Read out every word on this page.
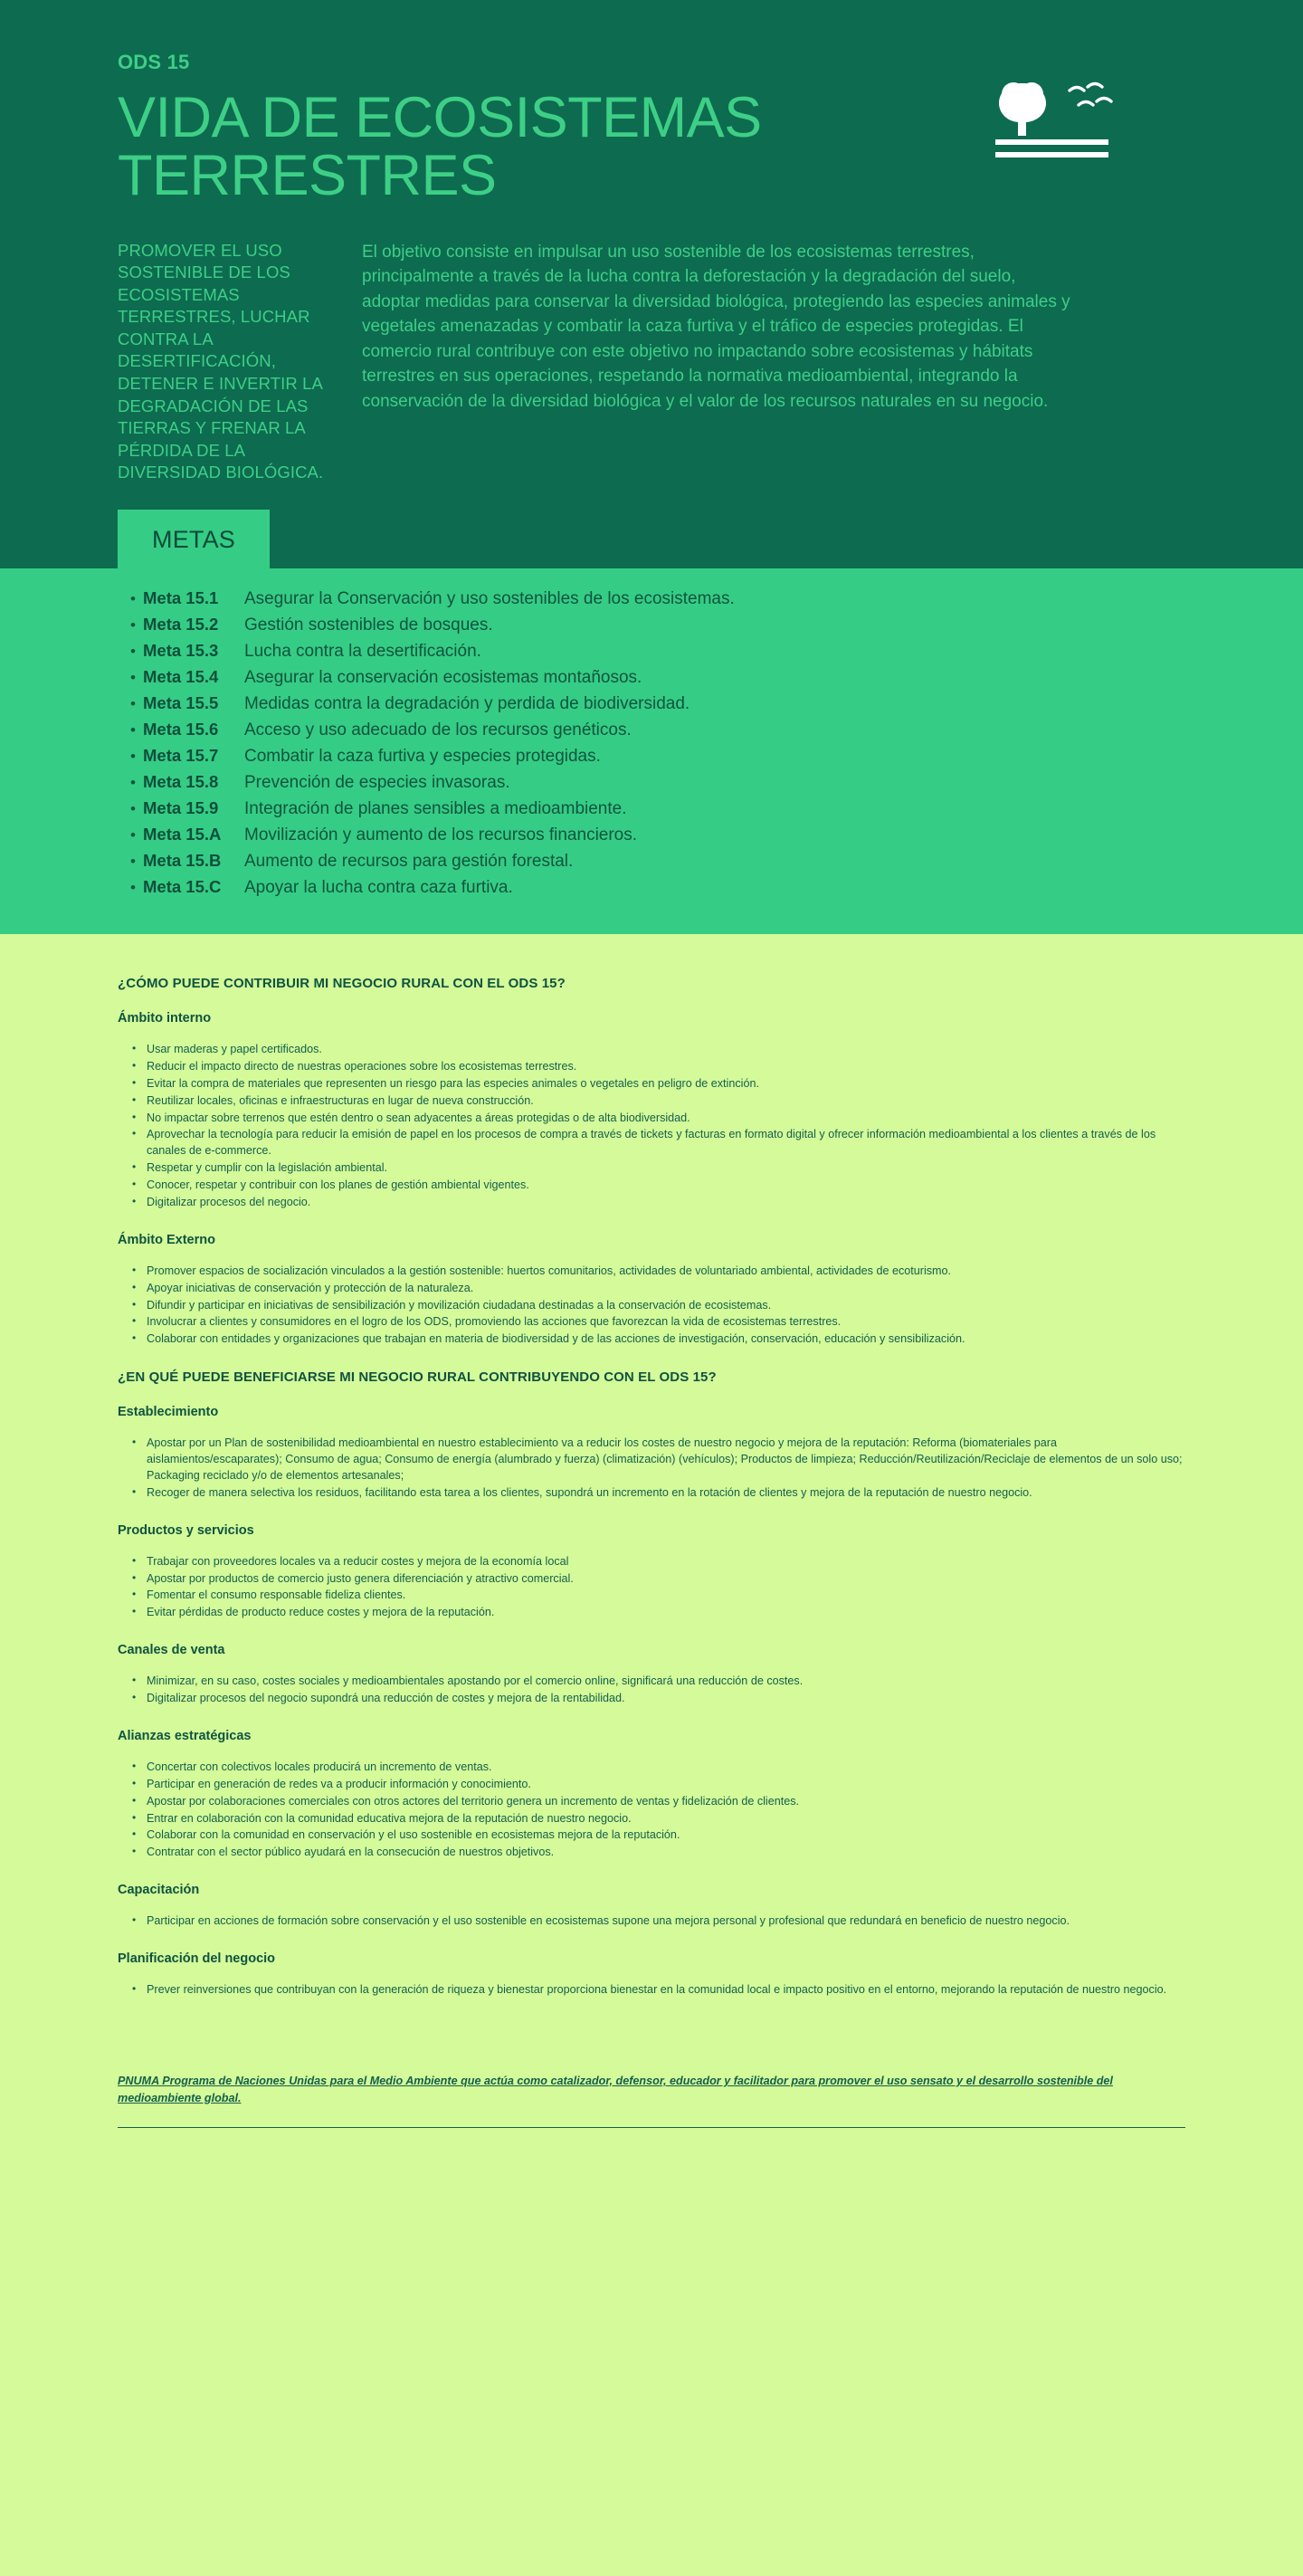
ODS 15
VIDA DE ECOSISTEMAS TERRESTRES
PROMOVER EL USO SOSTENIBLE DE LOS ECOSISTEMAS TERRESTRES, LUCHAR CONTRA LA DESERTIFICACIÓN, DETENER E INVERTIR LA DEGRADACIÓN DE LAS TIERRAS Y FRENAR LA PÉRDIDA DE LA DIVERSIDAD BIOLÓGICA.
El objetivo consiste en impulsar un uso sostenible de los ecosistemas terrestres, principalmente a través de la lucha contra la deforestación y la degradación del suelo, adoptar medidas para conservar la diversidad biológica, protegiendo las especies animales y vegetales amenazadas y combatir la caza furtiva y el tráfico de especies protegidas. El comercio rural contribuye con este objetivo no impactando sobre ecosistemas y hábitats terrestres en sus operaciones, respetando la normativa medioambiental, integrando la conservación de la diversidad biológica y el valor de los recursos naturales en su negocio.
METAS
• Meta 15.1	Asegurar la Conservación y uso sostenibles de los ecosistemas.
• Meta 15.2	Gestión sostenibles de bosques.
• Meta 15.3	Lucha contra la desertificación.
• Meta 15.4	Asegurar la conservación ecosistemas montañosos.
• Meta 15.5	Medidas contra la degradación y perdida de biodiversidad.
• Meta 15.6	Acceso y uso adecuado de los recursos genéticos.
• Meta 15.7	Combatir la caza furtiva y especies protegidas.
• Meta 15.8	Prevención de especies invasoras.
• Meta 15.9	Integración de planes sensibles a medioambiente.
• Meta 15.A	Movilización y aumento de los recursos financieros.
• Meta 15.B	Aumento de recursos para gestión forestal.
• Meta 15.C	Apoyar la lucha contra caza furtiva.
¿CÓMO PUEDE CONTRIBUIR MI NEGOCIO RURAL CON EL ODS 15?
Ámbito interno
• Usar maderas y papel certificados.
• Reducir el impacto directo de nuestras operaciones sobre los ecosistemas terrestres.
• Evitar la compra de materiales que representen un riesgo para las especies animales o vegetales en peligro de extinción.
• Reutilizar locales, oficinas e infraestructuras en lugar de nueva construcción.
• No impactar sobre terrenos que estén dentro o sean adyacentes a áreas protegidas o de alta biodiversidad.
• Aprovechar la tecnología para reducir la emisión de papel en los procesos de compra a través de tickets y facturas en formato digital y ofrecer información medioambiental a los clientes a través de los canales de e-commerce.
• Respetar y cumplir con la legislación ambiental.
• Conocer, respetar y contribuir con los planes de gestión ambiental vigentes.
• Digitalizar procesos del negocio.
Ámbito Externo
• Promover espacios de socialización vinculados a la gestión sostenible: huertos comunitarios, actividades de voluntariado ambiental, actividades de ecoturismo.
• Apoyar iniciativas de conservación y protección de la naturaleza.
• Difundir y participar en iniciativas de sensibilización y movilización ciudadana destinadas a la conservación de ecosistemas.
• Involucrar a clientes y consumidores en el logro de los ODS, promoviendo las acciones que favorezcan la vida de ecosistemas terrestres.
• Colaborar con entidades y organizaciones que trabajan en materia de biodiversidad y de las acciones de investigación, conservación, educación y sensibilización.
¿EN QUÉ PUEDE BENEFICIARSE MI NEGOCIO RURAL CONTRIBUYENDO CON EL ODS 15?
Establecimiento
• Apostar por un Plan de sostenibilidad medioambiental en nuestro establecimiento va a reducir los costes de nuestro negocio y mejora de la reputación: Reforma (biomateriales para aislamientos/escaparates); Consumo de agua; Consumo de energía (alumbrado y fuerza) (climatización) (vehículos); Productos de limpieza; Reducción/Reutilización/Reciclaje de elementos de un solo uso; Packaging reciclado y/o de elementos artesanales;
• Recoger de manera selectiva los residuos, facilitando esta tarea a los clientes, supondrá un incremento en la rotación de clientes y mejora de la reputación de nuestro negocio.
Productos y servicios
• Trabajar con proveedores locales va a reducir costes y mejora de la economía local
• Apostar por productos de comercio justo genera diferenciación y atractivo comercial.
• Fomentar el consumo responsable fideliza clientes.
• Evitar pérdidas de producto reduce costes y mejora de la reputación.
Canales de venta
• Minimizar, en su caso, costes sociales y medioambientales apostando por el comercio online, significará una reducción de costes.
• Digitalizar procesos del negocio supondrá una reducción de costes y mejora de la rentabilidad.
Alianzas estratégicas
• Concertar con colectivos locales producirá un incremento de ventas.
• Participar en generación de redes va a producir información y conocimiento.
• Apostar por colaboraciones comerciales con otros actores del territorio genera un incremento de ventas y fidelización de clientes.
• Entrar en colaboración con la comunidad educativa mejora de la reputación de nuestro negocio.
• Colaborar con la comunidad en conservación y el uso sostenible en ecosistemas mejora de la reputación.
• Contratar con el sector público ayudará en la consecución de nuestros objetivos.
Capacitación
• Participar en acciones de formación sobre conservación y el uso sostenible en ecosistemas supone una mejora personal y profesional que redundará en beneficio de nuestro negocio.
Planificación del negocio
• Prever reinversiones que contribuyan con la generación de riqueza y bienestar proporciona bienestar en la comunidad local e impacto positivo en el entorno, mejorando la reputación de nuestro negocio.
PNUMA Programa de Naciones Unidas para el Medio Ambiente que actúa como catalizador, defensor, educador y facilitador para promover el uso sensato y el desarrollo sostenible del medioambiente global.
